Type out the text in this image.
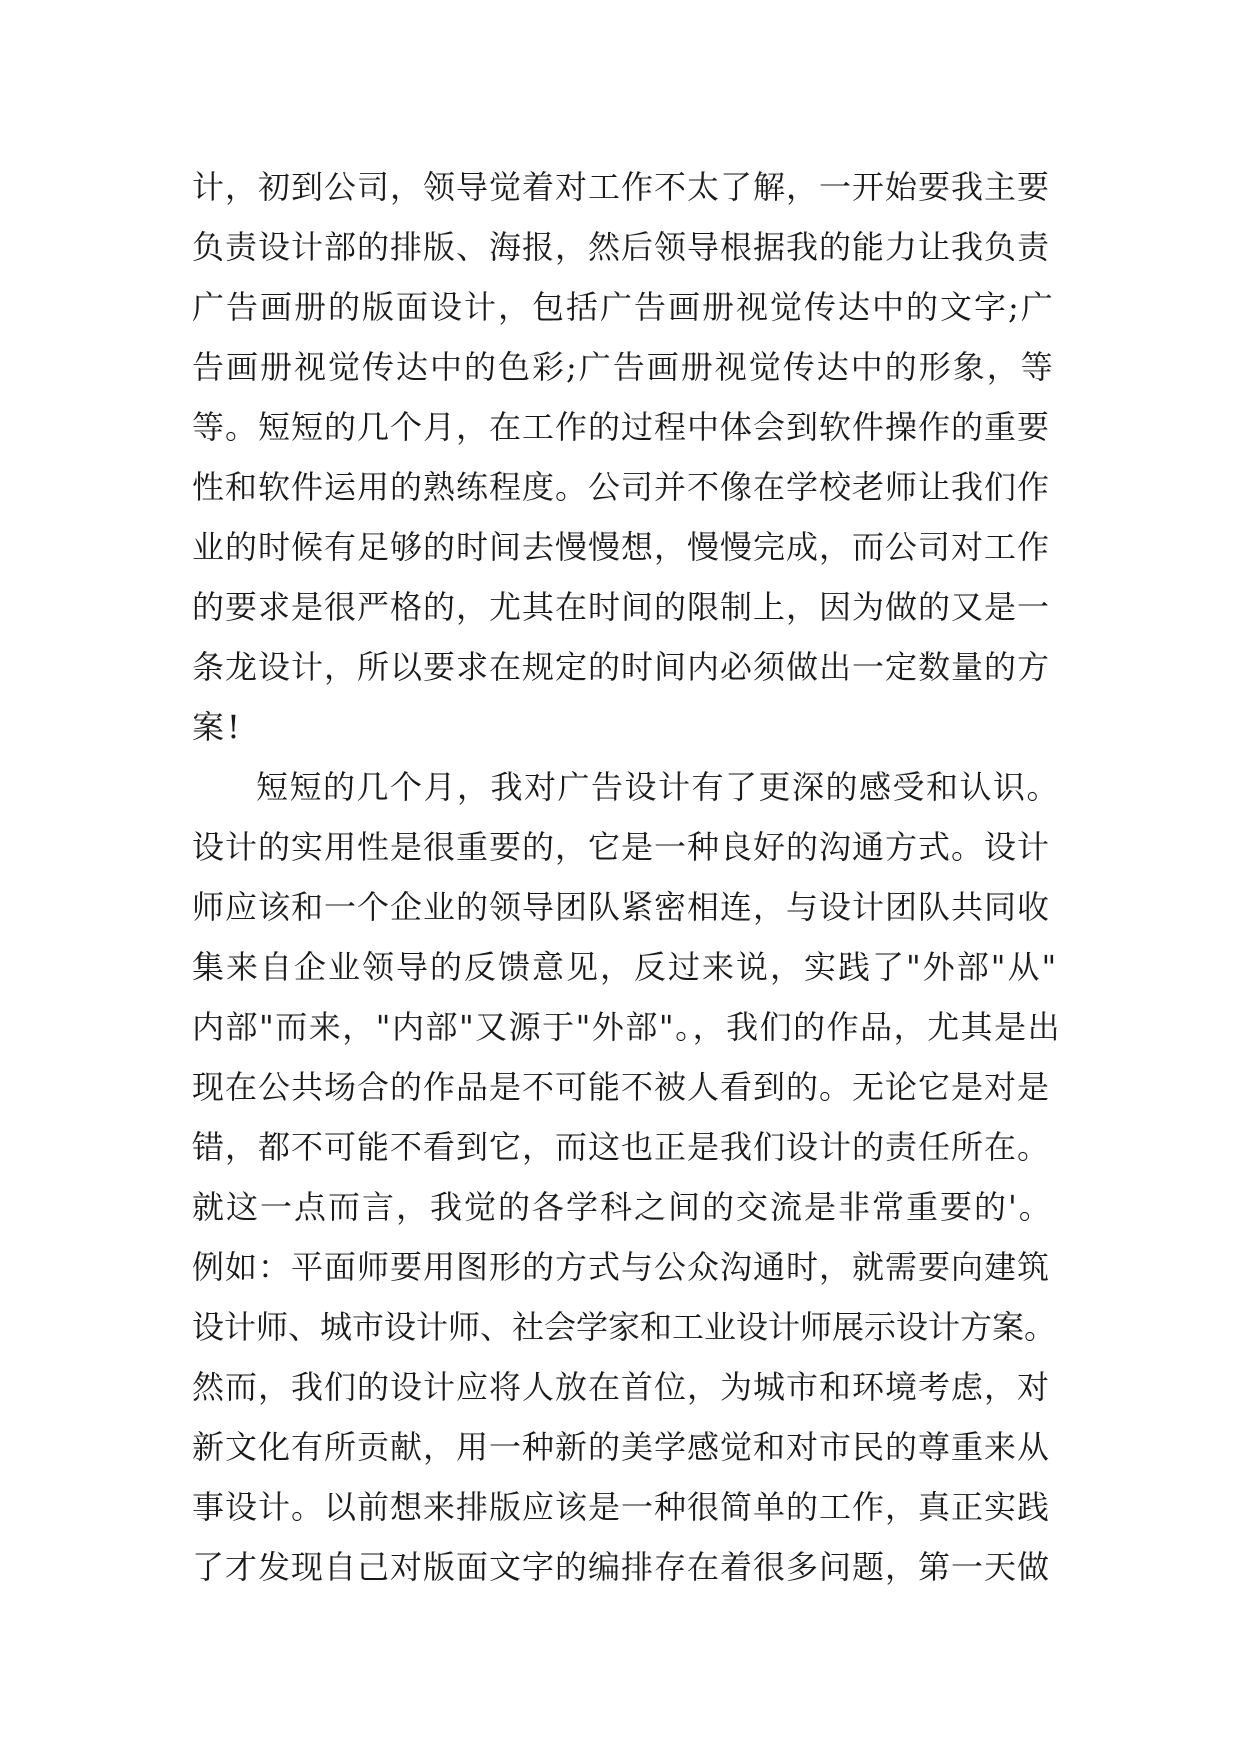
计，初到公司，领导觉着对工作不太了解，一开始要我主要
负责设计部的排版、海报，然后领导根据我的能力让我负责
广告画册的版面设计，包括广告画册视觉传达中的文字;广
告画册视觉传达中的色彩;广告画册视觉传达中的形象，等
等。短短的几个月，在工作的过程中体会到软件操作的重要
性和软件运用的熟练程度。公司并不像在学校老师让我们作
业的时候有足够的时间去慢慢想，慢慢完成，而公司对工作
的要求是很严格的，尤其在时间的限制上，因为做的又是一
条龙设计，所以要求在规定的时间内必须做出一定数量的方
案!
短短的几个月，我对广告设计有了更深的感受和认识。
设计的实用性是很重要的，它是一种良好的沟通方式。设计
师应该和一个企业的领导团队紧密相连，与设计团队共同收
集来自企业领导的反馈意见，反过来说，实践了"外部"从"
内部"而来，"内部"又源于"外部"。，我们的作品，尤其是出
现在公共场合的作品是不可能不被人看到的。无论它是对是
错，都不可能不看到它，而这也正是我们设计的责任所在。
就这一点而言，我觉的各学科之间的交流是非常重要的'。
例如：平面师要用图形的方式与公众沟通时，就需要向建筑
设计师、城市设计师、社会学家和工业设计师展示设计方案。
然而，我们的设计应将人放在首位，为城市和环境考虑，对
新文化有所贡献，用一种新的美学感觉和对市民的尊重来从
事设计。以前想来排版应该是一种很简单的工作，真正实践
了才发现自己对版面文字的编排存在着很多问题，第一天做
